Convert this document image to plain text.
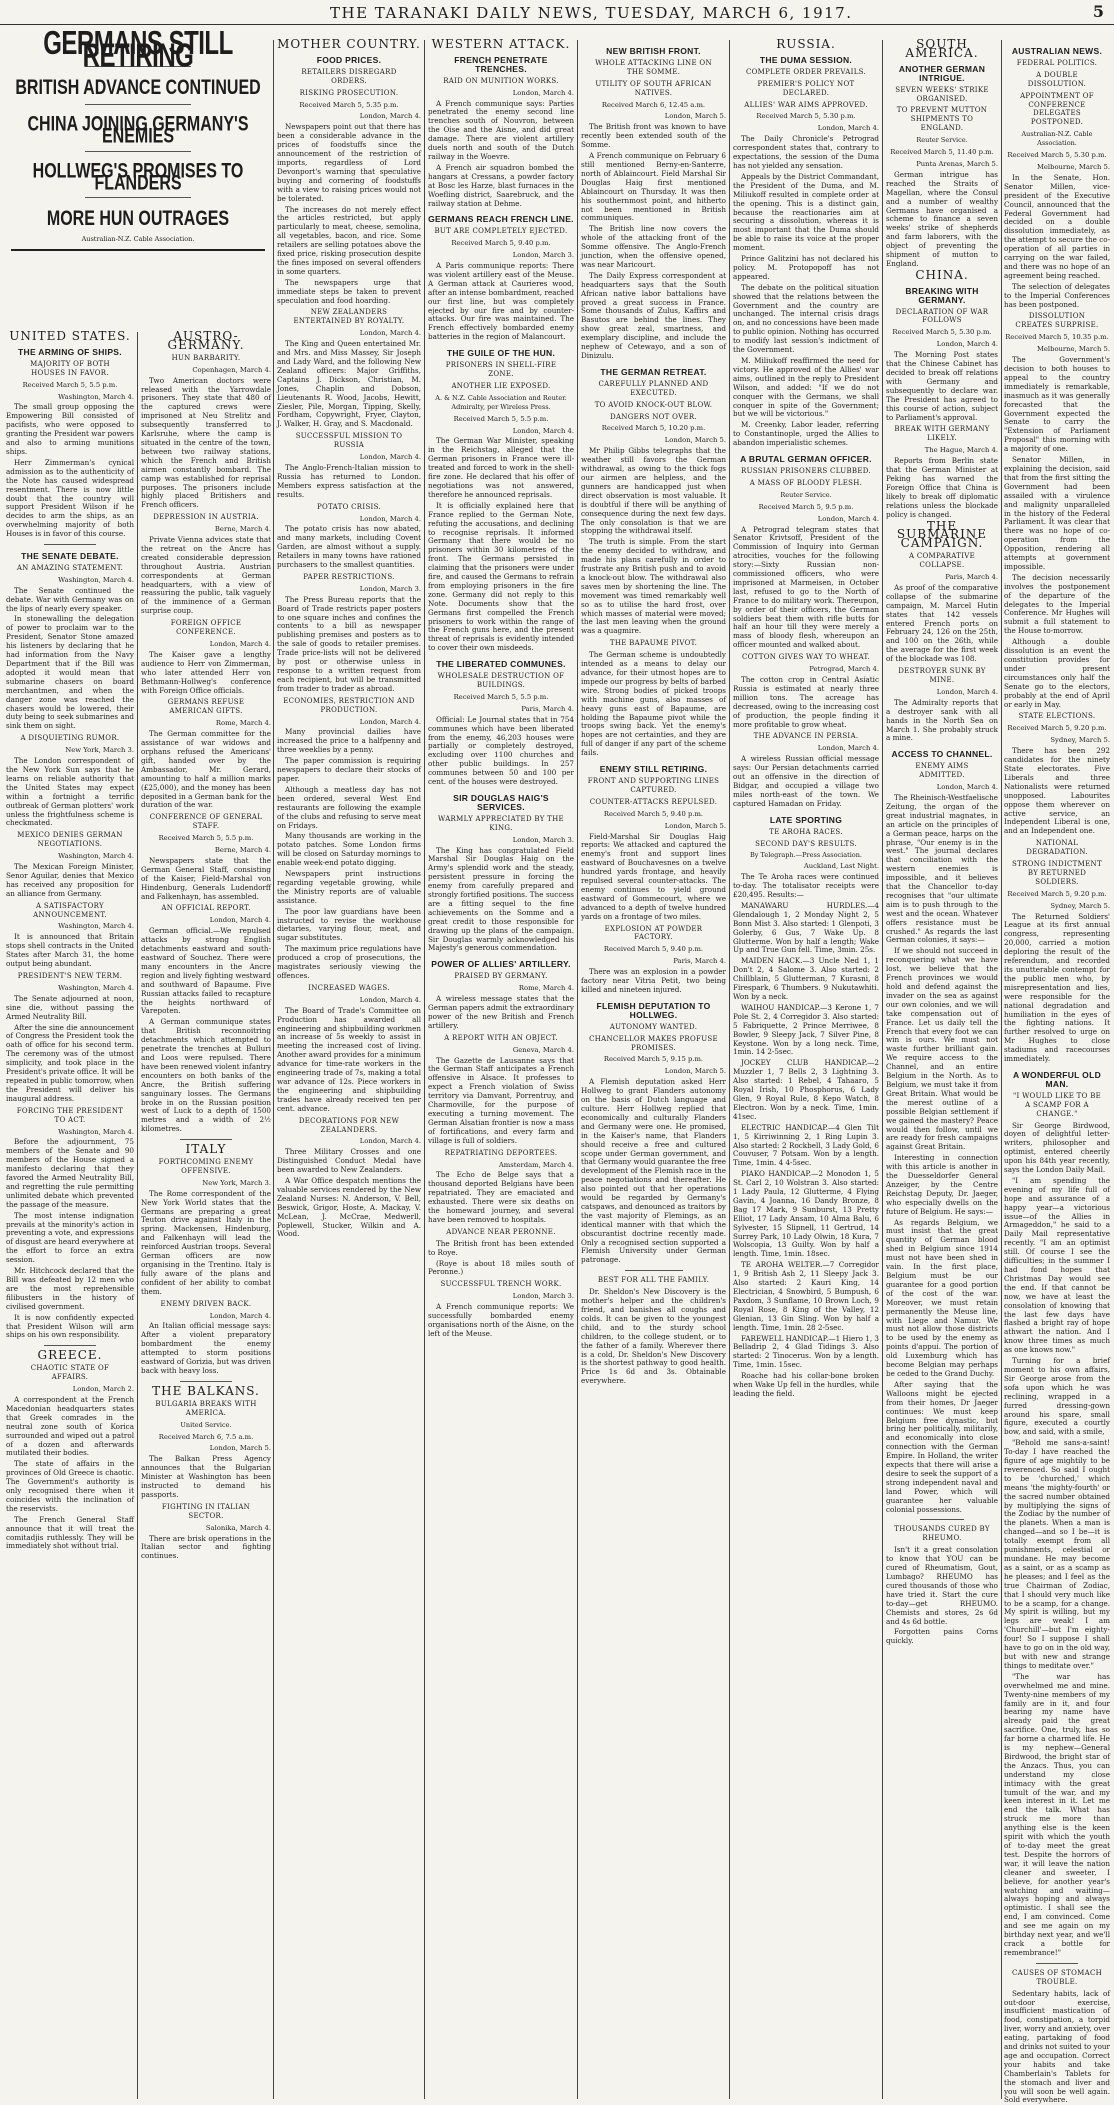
THE TARANAKI DAILY NEWS, TUESDAY, MARCH 6, 1917.	5
GERMANS STILL RETIRING
BRITISH ADVANCE CONTINUED
CHINA JOINING GERMANY'S ENEMIES
HOLLWEG'S PROMISES TO FLANDERS
MORE HUN OUTRAGES
Australian-N.Z. Cable Association.
UNITED STATES.
THE ARMING OF SHIPS.
MAJORITY OF BOTH HOUSES IN FAVOR.
Received March 5, 5.5 p.m.
Washington, March 4.

The small group opposing the Empowering Bill consisted of pacifists, who were opposed to granting the President war powers and also to arming munitions ships.

Herr Zimmerman's cynical admission as to the authenticity of the Note has caused widespread resentment. There is now little doubt that the country will support President Wilson if he decides to arm the ships, as an overwhelming majority of both Houses is in favor of this course.

THE SENATE DEBATE.
AN AMAZING STATEMENT.
Washington, March 4.

The Senate continued the debate. War with Germany was on the lips of nearly every speaker.

In stonewalling the delegation of power to proclaim war to the President, Senator Stone amazed his listeners by declaring that he had information from the Navy Department that if the Bill was adopted it would mean that submarine chasers on board merchantmen, and when the danger zone was reached the chasers would be lowered, their duty being to seek submarines and sink them on sight.

A DISQUIETING RUMOR.
New York, March 3.

The London correspondent of the New York Sun says that he learns on reliable authority that the United States may expect within a fortnight a terrific outbreak of German plotters' work unless the frightfulness scheme is checkmated.

MEXICO DENIES GERMAN NEGOTIATIONS.
Washington, March 4.

The Mexican Foreign Minister, Senor Aguilar, denies that Mexico has received any proposition for an alliance from Germany.

A SATISFACTORY ANNOUNCEMENT.
Washington, March 4.

It is announced that Britain stops shell contracts in the United States after March 31, the home output being abundant.

PRESIDENT'S NEW TERM.
Washington, March 4.

The Senate adjourned at noon, sine die, without passing the Armed Neutrality Bill.

After the sine die announcement of Congress the President took the oath of office for his second term. The ceremony was of the utmost simplicity, and took place in the President's private office. It will be repeated in public tomorrow, when the President will deliver his inaugural address.

FORCING THE PRESIDENT TO ACT.
Washington, March 4.

Before the adjournment, 75 members of the Senate and 90 members of the House signed a manifesto declaring that they favored the Armed Neutrality Bill, and regretting the rule permitting unlimited debate which prevented the passage of the measure.

The most intense indignation prevails at the minority's action in preventing a vote, and expressions of disgust are heard everywhere at the effort to force an extra session.

Mr. Hitchcock declared that the Bill was defeated by 12 men who are the most reprehensible filibusters in the history of civilised government.

It is now confidently expected that President Wilson will arm ships on his own responsibility.

GREECE.
CHAOTIC STATE OF AFFAIRS.
London, March 2.

A correspondent at the French Macedonian headquarters states that Greek comrades in the neutral zone south of Korica surrounded and wiped out a patrol of a dozen and afterwards mutilated their bodies.

The state of affairs in the provinces of Old Greece is chaotic. The Government's authority is only recognised there when it coincides with the inclination of the reservists.

The French General Staff announce that it will treat the comitadjis ruthlessly. They will be immediately shot without trial.

AUSTRO-GERMANY.
HUN BARBARITY.
Copenhagen, March 4.

Two American doctors were released with the Yarrowdale prisoners. They state that 480 of the captured crews were imprisoned at Neu Strelitz and subsequently transferred to Karlsruhe, where the camp is situated in the centre of the town, between two railway stations, which the French and British airmen constantly bombard. The camp was established for reprisal purposes. The prisoners include highly placed Britishers and French officers.

DEPRESSION IN AUSTRIA.
Berne, March 4.

Private Vienna advices state that the retreat on the Ancre has created considerable depression throughout Austria. Austrian correspondents at German headquarters, with a view of reassuring the public, talk vaguely of the imminence of a German surprise coup.

FOREIGN OFFICE CONFERENCE.
London, March 4.

The Kaiser gave a lengthy audience to Herr von Zimmerman, who later attended Herr von Bethmann-Hollweg's conference with Foreign Office officials.

GERMANS REFUSE AMERICAN GIFTS.
Rome, March 4.

The German committee for the assistance of war widows and orphans refused the Americans' gift, handed over by the Ambassador, Mr. Gerard, amounting to half a million marks (£25,000), and the money has been deposited in a German bank for the duration of the war.

CONFERENCE OF GENERAL STAFF.
Received March 5, 5.5 p.m.
Berne, March 4.

Newspapers state that the German General Staff, consisting of the Kaiser, Field-Marshal von Hindenburg, Generals Ludendorff and Falkenhayn, has assembled.

AN OFFICIAL REPORT.
London, March 4.

German official.—We repulsed attacks by strong English detachments eastward and south-eastward of Souchez. There were many encounters in the Ancre region and lively fighting westward and southward of Bapaume. Five Russian attacks failed to recapture the heights northward of Varepoten.

A German communique states that British reconnoitring detachments which attempted to penetrate the trenches at Bulluri and Loos were repulsed. There have been renewed violent infantry encounters on both banks of the Ancre, the British suffering sanguinary losses. The Germans broke in on the Russian position west of Luck to a depth of 1500 metres and a width of 2½ kilometres.

ITALY
FORTHCOMING ENEMY OFFENSIVE.
New York, March 3.

The Rome correspondent of the New York World states that the Germans are preparing a great Teuton drive against Italy in the spring. Mackensen, Hindenburg, and Falkenhayn will lead the reinforced Austrian troops. Several German officers are now organising in the Trentino. Italy is fully aware of the plans and confident of her ability to combat them.

ENEMY DRIVEN BACK.
London, March 4.

An Italian official message says: After a violent preparatory bombardment the enemy attempted to storm positions eastward of Gorizia, but was driven back with heavy loss.

THE BALKANS.
BULGARIA BREAKS WITH AMERICA.
United Service.
Received March 6, 7.5 a.m.
London, March 5.

The Balkan Press Agency announces that the Bulgarian Minister at Washington has been instructed to demand his passports.

FIGHTING IN ITALIAN SECTOR.
Salonika, March 4.

There are brisk operations in the Italian sector and fighting continues.

MOTHER COUNTRY.
FOOD PRICES.
RETAILERS DISREGARD ORDERS.
RISKING PROSECUTION.
Received March 5, 5.35 p.m.
London, March 4.

Newspapers point out that there has been a considerable advance in the prices of foodstuffs since the announcement of the restriction of imports, regardless of Lord Devonport's warning that speculative buying and cornering of foodstuffs with a view to raising prices would not be tolerated.

The increases do not merely effect the articles restricted, but apply particularly to meat, cheese, semolina, all vegetables, bacon, and rice. Some retailers are selling potatoes above the fixed price, risking prosecution despite the fines imposed on several offenders in some quarters.

The newspapers urge that immediate steps be taken to prevent speculation and food hoarding.

NEW ZEALANDERS ENTERTAINED BY ROYALTY.
London, March 4.

The King and Queen entertained Mr. and Mrs. and Miss Massey, Sir Joseph and Lady Ward, and the following New Zealand officers: Major Griffiths, Captains J. Dickson, Christian, M. Jones, Chaplin and Dobson, Lieutenants R. Wood, Jacobs, Hewitt, Ziesler, Pile, Morgan, Tipping, Skelly, Fordham, Copywright, Fryer, Clayton, J. Walker, H. Gray, and S. Macdonald.

SUCCESSFUL MISSION TO RUSSIA
London, March 4.

The Anglo-French-Italian mission to Russia has returned to London. Members express satisfaction at the results.

POTATO CRISIS.
London, March 4.

The potato crisis has now abated, and many markets, including Covent Garden, are almost without a supply. Retailers in many towns have rationed purchasers to the smallest quantities.

PAPER RESTRICTIONS.
London, March 3.

The Press Bureau reports that the Board of Trade restricts paper posters to one square inches and confines the contents to a bill as newspaper publishing premises and posters as to the sale of goods to retailer premises. Trade price-lists will not be delivered by post or otherwise unless in response to a written request from each recipient, but will be transmitted from trader to trader as abroad.

ECONOMIES, RESTRICTION AND PRODUCTION.
London, March 4.

Many provincial dailies have increased the price to a halfpenny and three weeklies by a penny.

The paper commission is requiring newspapers to declare their stocks of paper.

Although a meatless day has not been ordered, several West End restaurants are following the example of the clubs and refusing to serve meat on Fridays.

Many thousands are working in the potato patches. Some London firms will be closed on Saturday mornings to enable week-end potato digging.

Newspapers print instructions regarding vegetable growing, while the Ministry reports are of valuable assistance.

The poor law guardians have been instructed to revise the workhouse dietaries, varying flour, meat, and sugar substitutes.

The maximum price regulations have produced a crop of prosecutions, the magistrates seriously viewing the offences.

INCREASED WAGES.
London, March 4.

The Board of Trade's Committee on Production has awarded all engineering and shipbuilding workmen an increase of 5s weekly to assist in meeting the increased cost of living. Another award provides for a minimum advance for time-rate workers in the engineering trade of 7s, making a total war advance of 12s. Piece workers in the engineering and shipbuilding trades have already received ten per cent. advance.

DECORATIONS FOR NEW ZEALANDERS.
London, March 4.

Three Military Crosses and one Distinguished Conduct Medal have been awarded to New Zealanders.

A War Office despatch mentions the valuable services rendered by the New Zealand Nurses: N. Anderson, V. Bell, Beswick, Grigor, Hoste, A. Mackay, V. McLean, J. McCrae, Medwerll, Poplewell, Stucker, Wilkin and A. Wood.

WESTERN ATTACK.
FRENCH PENETRATE TRENCHES.
RAID ON MUNITION WORKS.
London, March 4.

A French communique says: Parties penetrated the enemy second line trenches south of Nouvron, between the Oise and the Aisne, and did great damage. There are violent artillery duels north and south of the Dutch railway in the Woevre.

A French air squadron bombed the hangars at Cressans, a powder factory at Bosc les Harze, blast furnaces in the Woefling district, Saarebruck, and the railway station at Dehme.

GERMANS REACH FRENCH LINE.
BUT ARE COMPLETELY EJECTED.
Received March 5, 9.40 p.m.
London, March 3.

A Paris communique reports: There was violent artillery east of the Meuse. A German attack at Caurieres wood, after an intense bombardment, reached our first line, but was completely ejected by our fire and by counter-attacks. Our fire was maintained. The French effectively bombarded enemy batteries in the region of Malancourt.

THE GUILE OF THE HUN.
PRISONERS IN SHELL-FIRE ZONE.
ANOTHER LIE EXPOSED.
A. & N.Z. Cable Association and Reuter. Admiralty, per Wireless Press.
Received March 5, 5.5 p.m.
London, March 4.

The German War Minister, speaking in the Reichstag, alleged that the German prisoners in France were ill-treated and forced to work in the shell-fire zone. He declared that his offer of negotiations was not answered, therefore he announced reprisals.

It is officially explained here that France replied to the German Note, refuting the accusations, and declining to recognise reprisals. It informed Germany that there would be no prisoners within 30 kilometres of the front. The Germans persisted in claiming that the prisoners were under fire, and caused the Germans to refrain from employing prisoners in the fire zone. Germany did not reply to this Note. Documents show that the Germans first compelled the French prisoners to work within the range of the French guns here, and the present threat of reprisals is evidently intended to cover their own misdeeds.

THE LIBERATED COMMUNES.
WHOLESALE DESTRUCTION OF BUILDINGS.
Received March 5, 5.5 p.m.
Paris, March 4.

Official: Le Journal states that in 754 communes which have been liberated from the enemy, 46,203 houses were partially or completely destroyed, excluding over 1100 churches and other public buildings. In 257 communes between 50 and 100 per cent. of the houses were destroyed.

SIR DOUGLAS HAIG'S SERVICES.
WARMLY APPRECIATED BY THE KING.
London, March 3.

The King has congratulated Field Marshal Sir Douglas Haig on the Army's splendid work and the steady, persistent pressure in forcing the enemy from carefully prepared and strongly fortified positions. The success are a fitting sequel to the fine achievements on the Somme and a great credit to those responsible for drawing up the plans of the campaign. Sir Douglas warmly acknowledged his Majesty's generous commendation.

POWER OF ALLIES' ARTILLERY.
PRAISED BY GERMANY.
Rome, March 4.

A wireless message states that the German papers admit the extraordinary power of the new British and French artillery.

A REPORT WITH AN OBJECT.
Geneva, March 4.

The Gazette de Lausanne says that the German Staff anticipates a French offensive in Alsace. It professes to expect a French violation of Swiss territory via Damvant, Porrentruy, and Charmoville, for the purpose of executing a turning movement. The German Alsatian frontier is now a mass of fortifications, and every farm and village is full of soldiers.

REPATRIATING DEPORTEES.
Amsterdam, March 4.

The Echo de Belge says that a thousand deported Belgians have been repatriated. They are emaciated and exhausted. There were six deaths on the homeward journey, and several have been removed to hospitals.

ADVANCE NEAR PERONNE.

The British front has been extended to Roye.

(Roye is about 18 miles south of Peronne.)

SUCCESSFUL TRENCH WORK.
London, March 3.

A French communique reports: We successfully bombarded enemy organisations north of the Aisne, on the left of the Meuse.

NEW BRITISH FRONT.
WHOLE ATTACKING LINE ON THE SOMME.
UTILITY OF SOUTH AFRICAN NATIVES.
Received March 6, 12.45 a.m.
London, March 5.

The British front was known to have recently been extended south of the Somme.

A French communique on February 6 still mentioned Berny-en-Santerre, north of Ablaincourt. Field Marshal Sir Douglas Haig first mentioned Ablaincourt on Thursday. It was then his southernmost point, and hitherto not been mentioned in British communiques.

The British line now covers the whole of the attacking front of the Somme offensive. The Anglo-French junction, when the offensive opened, was near Maricourt.

The Daily Express correspondent at headquarters says that the South African native labor battalions have proved a great success in France. Some thousands of Zulus, Kaffirs and Basutos are behind the lines. They show great zeal, smartness, and exemplary discipline, and include the nephew of Cetewayo, and a son of Dinizulu.

THE GERMAN RETREAT.
CAREFULLY PLANNED AND EXECUTED.
TO AVOID KNOCK-OUT BLOW.
DANGERS NOT OVER.
Received March 5, 10.20 p.m.
London, March 5.

Mr Philip Gibbs telegraphs that the weather still favors the German withdrawal, as owing to the thick fogs our airmen are helpless, and the gunners are handicapped just when direct observation is most valuable. It is doubtful if there will be anything of consequence during the next few days. The only consolation is that we are stopping the withdrawal itself.

The truth is simple. From the start the enemy decided to withdraw, and made his plans carefully in order to frustrate any British push and to avoid a knock-out blow. The withdrawal also saves men by shortening the line. The movement was timed remarkably well so as to utilise the hard frost, over which masses of material were moved; the last men leaving when the ground was a quagmire.

THE BAPAUME PIVOT.

The German scheme is undoubtedly intended as a means to delay our advance, for their utmost hopes are to impede our progress by belts of barbed wire. Strong bodies of picked troops with machine guns, also masses of heavy guns east of Bapaume, are holding the Bapaume pivot while the troops swing back. Yet the enemy's hopes are not certainties, and they are full of danger if any part of the scheme fails.

ENEMY STILL RETIRING.
FRONT AND SUPPORTING LINES CAPTURED.
COUNTER-ATTACKS REPULSED.
Received March 5, 9.40 p.m.
London, March 5.

Field-Marshal Sir Douglas Haig reports: We attacked and captured the enemy's front and support lines eastward of Bouchavesnes on a twelve hundred yards frontage, and heavily repulsed several counter-attacks. The enemy continues to yield ground eastward of Gommecourt, where we advanced to a depth of twelve hundred yards on a frontage of two miles.

EXPLOSION AT POWDER FACTORY.
Received March 5, 9.40 p.m.
Paris, March 4.

There was an explosion in a powder factory near Vitria Petit, two being killed and nineteen injured.

FLEMISH DEPUTATION TO HOLLWEG.
AUTONOMY WANTED.
CHANCELLOR MAKES PROFUSE PROMISES.
Received March 5, 9.15 p.m.
London, March 5.

A Flemish deputation asked Herr Hollweg to grant Flanders autonomy on the basis of Dutch language and culture. Herr Hollweg replied that economically and culturally Flanders and Germany were one. He promised, in the Kaiser's name, that Flanders should receive a free and cultured scope under German government, and that Germany would guarantee the free development of the Flemish race in the peace negotiations and thereafter. He also pointed out that her operations would be regarded by Germany's catspaws, and denounced as traitors by the vast majority of Flemings, as an identical manner with that which the obscurantist doctrine recently made. Only a recognised section supported a Flemish University under German patronage.

BEST FOR ALL THE FAMILY.

Dr. Sheldon's New Discovery is the mother's helper and the children's friend, and banishes all coughs and colds. It can be given to the youngest child, and to the sturdy school children, to the college student, or to the father of a family. Wherever there is a cold, Dr. Sheldon's New Discovery is the shortest pathway to good health. Price 1s 6d and 3s. Obtainable everywhere.

RUSSIA.
THE DUMA SESSION.
COMPLETE ORDER PREVAILS.
PREMIER'S POLICY NOT DECLARED.
ALLIES' WAR AIMS APPROVED.
Received March 5, 5.30 p.m.
London, March 4.

The Daily Chronicle's Petrograd correspondent states that, contrary to expectations, the session of the Duma has not yielded any sensation.

Appeals by the District Commandant, the President of the Duma, and M. Miliukoff resulted in complete order at the opening. This is a distinct gain, because the reactionaries aim at securing a dissolution, whereas it is most important that the Duma should be able to raise its voice at the proper moment.

Prince Galitzini has not declared his policy. M. Protopopoff has not appeared.

The debate on the political situation showed that the relations between the Government and the country are unchanged. The internal crisis drags on, and no concessions have been made to public opinion. Nothing has occurred to modify last session's indictment of the Government.

M. Miliukoff reaffirmed the need for victory. He approved of the Allies' war aims, outlined in the reply to President Wilson, and added: "If we do not conquer with the Germans, we shall conquer in spite of the Government; but we will be victorious."

M. Creenky, Labor leader, referring to Constantinople, urged the Allies to abandon imperialistic schemes.

A BRUTAL GERMAN OFFICER.
RUSSIAN PRISONERS CLUBBED.
A MASS OF BLOODY FLESH.
Reuter Service.
Received March 5, 9.5 p.m.
London, March 4.

A Petrograd telegram states that Senator Krivtsoff, President of the Commission of Inquiry into German atrocities, vouches for the following story:—Sixty Russian non-commissioned officers, who were imprisoned at Marmeisen, in October last, refused to go to the North of France to do military work. Thereupon, by order of their officers, the German soldiers beat them with rifle butts for half an hour till they were merely a mass of bloody flesh, whereupon an officer mounted and walked about.

COTTON GIVES WAY TO WHEAT.
Petrograd, March 4.

The cotton crop in Central Asiatic Russia is estimated at nearly three million tons. The acreage has decreased, owing to the increasing cost of production, the people finding it more profitable to grow wheat.

THE ADVANCE IN PERSIA.
London, March 4.

A wireless Russian official message says: Our Persian detachments carried out an offensive in the direction of Bidgar, and occupied a village two miles north-east of the town. We captured Hamadan on Friday.

LATE SPORTING
TE AROHA RACES.
SECOND DAY'S RESULTS.
By Telegraph.—Press Association.
Auckland, Last Night.

The Te Aroha races were continued to-day. The totalisator receipts were £20,495. Results:—

MANAWARU HURDLES.—4 Glendalough 1, 2 Monday Night 2, 5 Bonn Mist 3. Also started: 1 Glenpoti, 3 Golerby, 6 Gus, 7 Wake Up. 8 Glutterme. Won by half a length; Wake Up and True Gun fell. Time, 3min. 25s.

MAIDEN HACK.—3 Uncle Ned 1, 1 Don't 2, 4 Salome 3. Also started: 2 Chillblain, 5 Glutterman, 7 Kurasni, 8 Firespark, 6 Thumbers. 9 Nukutawhiti. Won by a neck.

WAIHOU HANDICAP.—3 Kerone 1, 7 Pole St. 2, 4 Corregidor 3. Also started: 5 Fabriquette, 2 Prince Merriwee, 8 Bowler, 9 Sleepy Jack, 7 Silver Pine, 8 Keystone. Won by a long neck. Time, 1min. 14 2-5sec.

JOCKEY CLUB HANDICAP.—2 Muzzler 1, 7 Bells 2, 3 Lightning 3. Also started: 1 Rebel, 4 Tahaaro, 5 Royal Irish, 10 Phosphorus, 6 Lady Glen, 9 Royal Rule, 8 Kepo Watch, 8 Electron. Won by a neck. Time, 1min. 41sec.

ELECTRIC HANDICAP.—4 Glen Tilt 1, 5 Kirriwinning 2, 1 Ring Lupin 3. Also started: 2 Rockbell, 3 Lady Gold, 6 Couvuser, 7 Potsam. Won by a length. Time, 1min. 4 4-5sec.

PIAKO HANDICAP.—2 Monodon 1, 5 St. Carl 2, 10 Wolstran 3. Also started: 1 Lady Paula, 12 Glutterme, 4 Flying Gavin, 4 Joanna, 16 Dandy Bronze, 8 Bag 17 Mark, 9 Sunburst, 13 Pretty Elliot, 17 Lady Ansam, 10 Alma Balu, 6 Sylvester, 15 Slipnell, 11 Gertrud, 14 Surrey Park, 10 Lady Olwin, 18 Kura, 7 Wolscopia, 13 Guilty. Won by half a length. Time, 1min. 18sec.

TE AROHA WELTER.—7 Corregidor 1, 9 British Ash 2, 11 Sleepy Jack 3. Also started: 2 Kauri King, 14 Electrician, 4 Snowbird, 5 Bumpush, 6 Paxdom, 3 Sunflame, 10 Brown Loch, 9 Royal Rose, 8 King of the Valley, 12 Glenian, 13 Gin Sling. Won by half a length. Time, 1min. 28 2-5sec.

FAREWELL HANDICAP.—1 Hiero 1, 3 Belladrip 2, 4 Glad Tidings 3. Also started: 2 Tinocerus. Won by a length. Time, 1min. 15sec.

Roache had his collar-bone broken when Wake Up fell in the hurdles, while leading the field.

SOUTH AMERICA.
ANOTHER GERMAN INTRIGUE.
SEVEN WEEKS' STRIKE ORGANISED.
TO PREVENT MUTTON SHIPMENTS TO ENGLAND.
Reuter Service.
Received March 5, 11.40 p.m.
Punta Arenas, March 5.

German intrigue has reached the Straits of Magellan, where the Consul and a number of wealthy Germans have organised a scheme to finance a seven weeks' strike of shepherds and farm laborers, with the object of preventing the shipment of mutton to England.

CHINA.
BREAKING WITH GERMANY.
DECLARATION OF WAR FOLLOWS
Received March 5, 5.30 p.m.
London, March 4.

The Morning Post states that the Chinese Cabinet has decided to break off relations with Germany and subsequently to declare war. The President has agreed to this course of action, subject to Parliament's approval.

BREAK WITH GERMANY LIKELY.
The Hague, March 4.

Reports from Berlin state that the German Minister at Peking has warned the Foreign Office that China is likely to break off diplomatic relations unless the blockade policy is changed.

THE SUBMARINE CAMPAIGN.
A COMPARATIVE COLLAPSE.
Paris, March 4.

As proof of the comparative collapse of the submarine campaign, M. Marcel Hutin states that 142 vessels entered French ports on February 24, 126 on the 25th, and 100 on the 26th, while the average for the first week of the blockade was 108.

DESTROYER SUNK BY MINE.
London, March 4.

The Admiralty reports that a destroyer sank with all hands in the North Sea on March 1. She probably struck a mine.

ACCESS TO CHANNEL.
ENEMY AIMS ADMITTED.
London, March 4.

The Rheinisch-Westfaelische Zeitung, the organ of the great industrial magnates, in an article on the principles of a German peace, harps on the phrase, "Our enemy is in the west." The journal declares that conciliation with the western enemies is impossible, and it believes that the Chancellor to-day recognises that "our ultimate aim is to push through to the west and the ocean. Whatever offers resistance must be crushed." As regards the last German colonies, it says:—

If we should not succeed in reconquering what we have lost, we believe that the French provinces we would hold and defend against the invader on the sea as against our own colonies, and we will take compensation out of France. Let us daily tell the French that every foot we can win is ours. We must not waste further brilliant gain. We require access to the Channel, and an entire Belgium in the North. As to Belgium, we must take it from Great Britain. What would be the merest outline of a possible Belgian settlement if we gained the mastery? Peace would then follow, until we are ready for fresh campaigns against Great Britain.

Interesting in connection with this article is another in the Duesseldorfer General Anzeiger, by the Centre Reichstag Deputy, Dr. Jaeger, who especially dwells on the future of Belgium. He says:—

As regards Belgium, we must insist that the great quantity of German blood shed in Belgium since 1914 must not have been shed in vain. In the first place, Belgium must be our guarantee for a good portion of the cost of the war. Moreover, we must retain permanently the Meuse line, with Liege and Namur. We must not allow those districts to be used by the enemy as points d'appui. The portion of old Luxemburg which has become Belgian may perhaps be ceded to the Grand Duchy.

After saying that the Walloons might be ejected from their homes, Dr Jaeger continues: We must keep Belgium free dynastic, but bring her politically, militarily, and economically into close connection with the German Empire. In Holland, the writer expects that there will arise a desire to seek the support of a strong independent naval and land Power, which will guarantee her valuable colonial possessions.

THOUSANDS CURED BY RHEUMO.

Isn't it a great consolation to know that YOU can be cured of Rheumatism, Gout, Lumbago? RHEUMO has cured thousands of those who have tried it. Start the cure to-day—get RHEUMO. Chemists and stores, 2s 6d and 4s 6d bottle.

Forgotten pains Corns quickly.

AUSTRALIAN NEWS.
FEDERAL POLITICS.
A DOUBLE DISSOLUTION.
APPOINTMENT OF CONFERENCE DELEGATES POSTPONED.
Australian-N.Z. Cable Association.
Received March 5, 5.30 p.m.
Melbourne, March 5.

In the Senate, Hon. Senator Millen, vice-president of the Executive Council, announced that the Federal Government had decided on a double dissolution immediately, as the attempt to secure the co-operation of all parties in carrying on the war failed, and there was no hope of an agreement being reached.

The selection of delegates to the Imperial Conferences has been postponed.

DISSOLUTION CREATES SURPRISE.
Received March 5, 10.35 p.m.
Melbourne, March 5.

The Government's decision to both houses to appeal to the country immediately is remarkable, inasmuch as it was generally forecasted that the Government expected the Senate to carry the "Extension of Parliament Proposal" this morning with a majority of one.

Senator Millen, in explaining the decision, said that from the first sitting the Government had been assailed with a virulence and malignity unparalleled in the history of the Federal Parliament. It was clear that there was no hope of co-operation from the Opposition, rendering all attempts at government impossible.

The decision necessarily involves the postponement of the departure of the delegates to the Imperial Conference. Mr Hughes will submit a full statement to the House to-morrow.

Although a double dissolution is an event the constitution provides for under present circumstances only half the Senate go to the electors, probably at the end of April or early in May.

STATE ELECTIONS.
Received March 5, 9.20 p.m.
Sydney, March 5.

There has been 292 candidates for the ninety State electorates. Five Liberals and three Nationalists were returned unopposed. Labourites oppose them wherever on active service, an Independent Liberal is one, and an Independent one.

NATIONAL DEGRADATION.
STRONG INDICTMENT BY RETURNED SOLDIERS.
Received March 5, 9.20 p.m.
Sydney, March 5.

The Returned Soldiers' League at its first annual congress, representing 20,000, carried a motion deploring the result of the referendum, and recorded its unutterable contempt for the public men who, by misrepresentation and lies, were responsible for the national degradation and humiliation in the eyes of the fighting nations. It further resolved to urge on Mr Hughes to close stadiums and racecourses immediately.

A WONDERFUL OLD MAN.
"I WOULD LIKE TO BE A SCAMP FOR A CHANGE."

Sir George Birdwood, doyen of delightful letter-writers, philosopher and optimist, entered cheerily upon his 84th year recently, says the London Daily Mail.

"I am spending the evening of my life full of hope and assurance of a happy year—a victorious issue—of the Allies in Armageddon," he said to a Daily Mail representative recently. "I am an optimist still. Of course I see the difficulties; in the summer I had fond hopes that Christmas Day would see the end. If that cannot be now, we have at least the consolation of knowing that the last few days have flashed a bright ray of hope athwart the nation. And I know three times as much as one knows now."

Turning for a brief moment to his own affairs, Sir George arose from the sofa upon which he was reclining, wrapped in a furred dressing-gown around his spare, small figure, executed a courtly bow, and said, with a smile,

"Behold me sans-a-saint! To-day I have reached the figure of age mightily to be reverenced. So said I ought to be 'churched,' which means 'the mighty-fourth' or the sacred number obtained by multiplying the signs of the Zodiac by the number of the planets. When a man is changed—and so I be—it is totally exempt from all punishments, celestial or mundane. He may become as a saint, or as a scamp as he pleases; and I feel as the true Chairman of Zodiac, that I should very much like to be a scamp, for a change. My spirit is willing, but my legs are weak! I am 'Churchill'—but I'm eighty-four! So I suppose I shall have to go on in the old way, but with new and strange things to meditate over."

"The war has overwhelmed me and mine. Twenty-nine members of my family are in it, and four bearing my name have already paid the great sacrifice. One, truly, has so far borne a charmed life. He is my nephew—General Birdwood, the bright star of the Anzacs. Thus, you can understand my close intimacy with the great tumult of the war, and my keen interest in it. Let me end the talk. What has struck me more than anything else is the keen spirit with which the youth of to-day meet the great test. Despite the horrors of war, it will leave the nation cleaner and sweeter, I believe, for another year's watching and waiting—always hoping and always optimistic. I shall see the end, I am convinced. Come and see me again on my birthday next year, and we'll crack a bottle for remembrance!"

CAUSES OF STOMACH TROUBLE.

Sedentary habits, lack of out-door exercise, insufficient mastication of food, constipation, a torpid liver, worry and anxiety, over eating, partaking of food and drinks not suited to your age and occupation. Correct your habits and take Chamberlain's Tablets for the stomach and liver and you will soon be well again. Sold everywhere.
